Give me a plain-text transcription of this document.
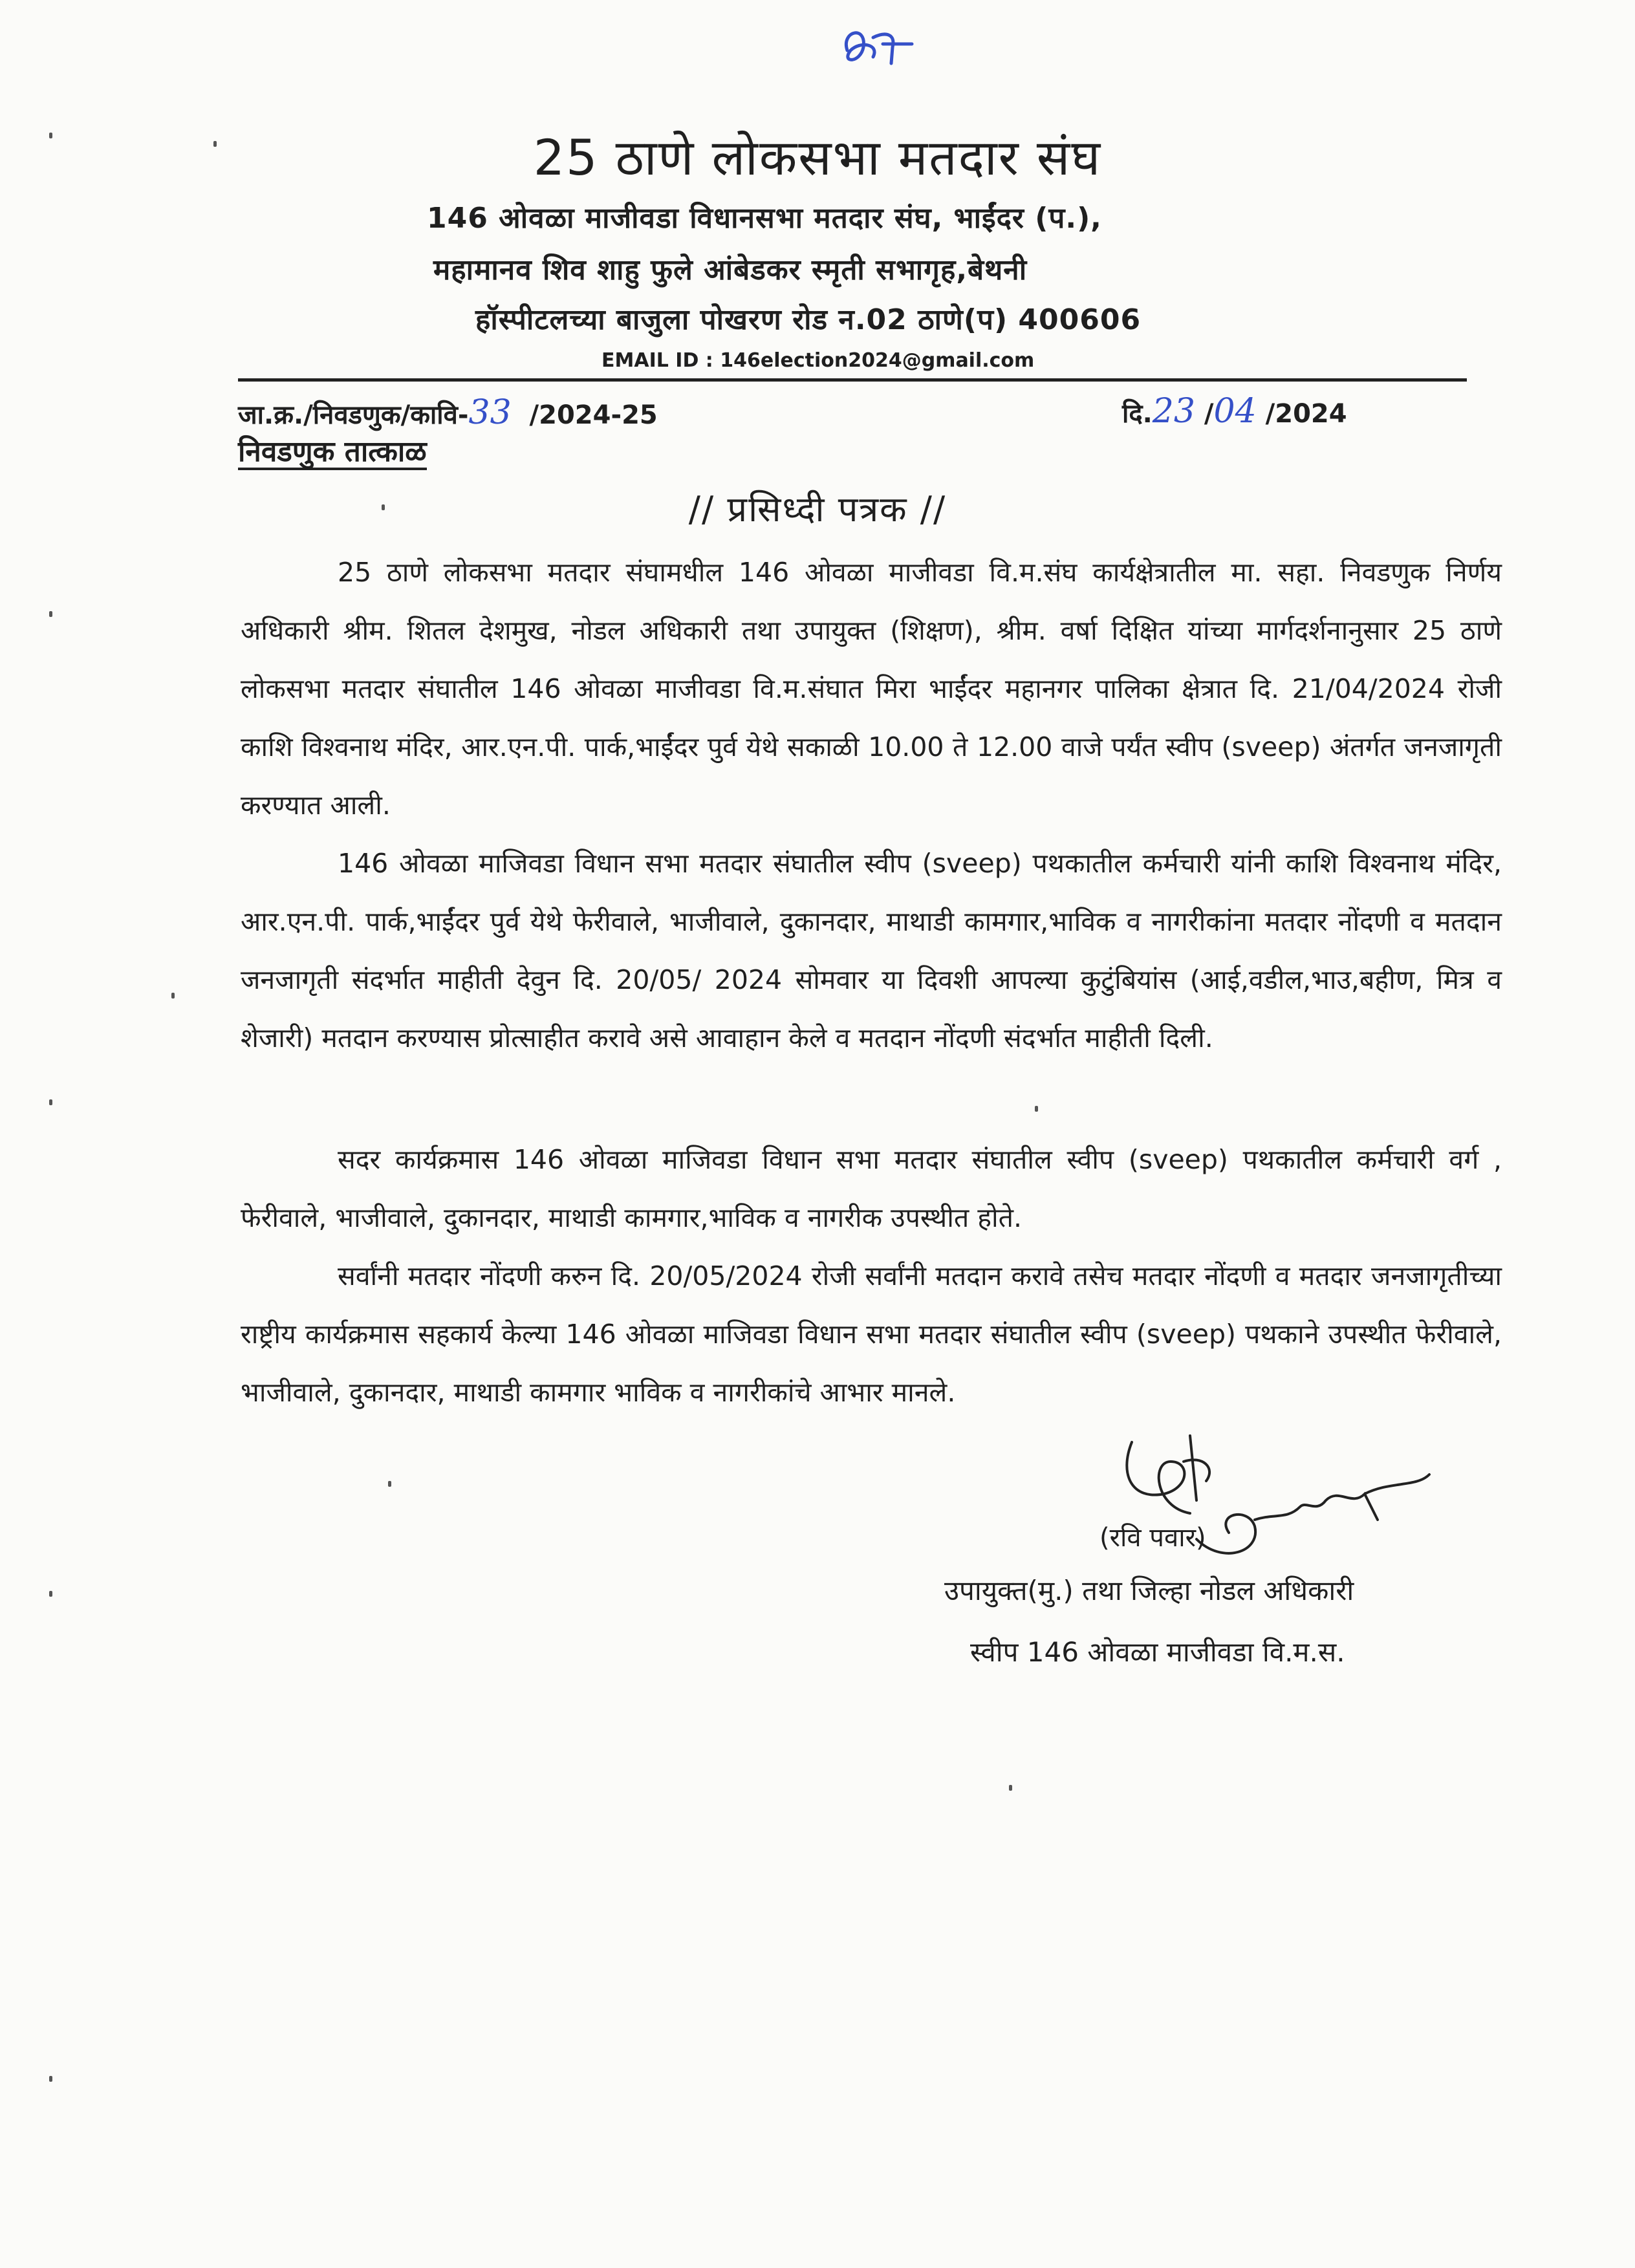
25 ठाणे लोकसभा मतदार संघ
146 ओवळा माजीवडा विधानसभा मतदार संघ, भाईंदर (प.),
महामानव शिव शाहु फुले आंबेडकर स्मृती सभागृह,बेथनी
हॉस्पीटलच्या बाजुला पोखरण रोड न.02 ठाणे(प) 400606
EMAIL ID : 146election2024@gmail.com
जा.क्र./निवडणुक/कावि-33 /2024-25	दि.23 /04 /2024
निवडणुक तात्काळ
// प्रसिध्दी पत्रक //

25 ठाणे लोकसभा मतदार संघामधील 146 ओवळा माजीवडा वि.म.संघ कार्यक्षेत्रातील मा. सहा. निवडणुक निर्णय अधिकारी श्रीम. शितल देशमुख, नोडल अधिकारी तथा उपायुक्त (शिक्षण), श्रीम. वर्षा दिक्षित यांच्या मार्गदर्शनानुसार 25 ठाणे लोकसभा मतदार संघातील 146 ओवळा माजीवडा वि.म.संघात मिरा भाईंदर महानगर पालिका क्षेत्रात दि. 21/04/2024 रोजी काशि विश्वनाथ मंदिर, आर.एन.पी. पार्क,भाईंदर पुर्व येथे सकाळी 10.00 ते 12.00 वाजे पर्यंत स्वीप (sveep) अंतर्गत जनजागृती करण्यात आली.

146 ओवळा माजिवडा विधान सभा मतदार संघातील स्वीप (sveep) पथकातील कर्मचारी यांनी काशि विश्वनाथ मंदिर, आर.एन.पी. पार्क,भाईंदर पुर्व येथे फेरीवाले, भाजीवाले, दुकानदार, माथाडी कामगार,भाविक व नागरीकांना मतदार नोंदणी व मतदान जनजागृती संदर्भात माहीती देवुन दि. 20/05/ 2024 सोमवार या दिवशी आपल्या कुटुंबियांस (आई,वडील,भाउ,बहीण, मित्र व शेजारी) मतदान करण्यास प्रोत्साहीत करावे असे आवाहान केले व मतदान नोंदणी संदर्भात माहीती दिली.

सदर कार्यक्रमास 146 ओवळा माजिवडा विधान सभा मतदार संघातील स्वीप (sveep) पथकातील कर्मचारी वर्ग , फेरीवाले, भाजीवाले, दुकानदार, माथाडी कामगार,भाविक व नागरीक उपस्थीत होते.

सर्वांनी मतदार नोंदणी करुन दि. 20/05/2024 रोजी सर्वांनी मतदान करावे तसेच मतदार नोंदणी व मतदार जनजागृतीच्या राष्ट्रीय कार्यक्रमास सहकार्य केल्या 146 ओवळा माजिवडा विधान सभा मतदार संघातील स्वीप (sveep) पथकाने उपस्थीत फेरीवाले, भाजीवाले, दुकानदार, माथाडी कामगार भाविक व नागरीकांचे आभार मानले.

(रवि पवार)
उपायुक्त(मु.) तथा जिल्हा नोडल अधिकारी
स्वीप 146 ओवळा माजीवडा वि.म.स.
